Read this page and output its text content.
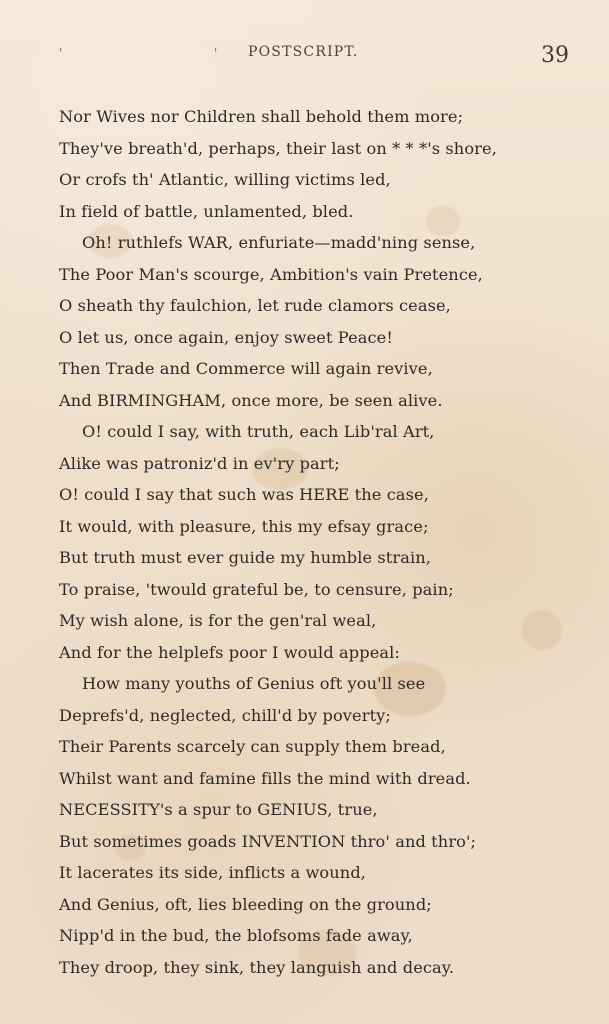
'	' POSTSCRIPT.	39
Nor Wives nor Children shall behold them more;
They've breath'd, perhaps, their last on * * *'s shore,
Or crofs th' Atlantic, willing victims led,
In field of battle, unlamented, bled.
Oh! ruthlefs WAR, enfuriate—madd'ning sense,
The Poor Man's scourge, Ambition's vain Pretence,
O sheath thy faulchion, let rude clamors cease,
O let us, once again, enjoy sweet Peace!
Then Trade and Commerce will again revive,
And BIRMINGHAM, once more, be seen alive.
O! could I say, with truth, each Lib'ral Art,
Alike was patroniz'd in ev'ry part;
O! could I say that such was HERE the case,
It would, with pleasure, this my efsay grace;
But truth must ever guide my humble strain,
To praise, 'twould grateful be, to censure, pain;
My wish alone, is for the gen'ral weal,
And for the helplefs poor I would appeal:
How many youths of Genius oft you'll see
Deprefs'd, neglected, chill'd by poverty;
Their Parents scarcely can supply them bread,
Whilst want and famine fills the mind with dread.
NECESSITY's a spur to GENIUS, true,
But sometimes goads INVENTION thro' and thro';
It lacerates its side, inflicts a wound,
And Genius, oft, lies bleeding on the ground;
Nipp'd in the bud, the blofsoms fade away,
They droop, they sink, they languish and decay.
